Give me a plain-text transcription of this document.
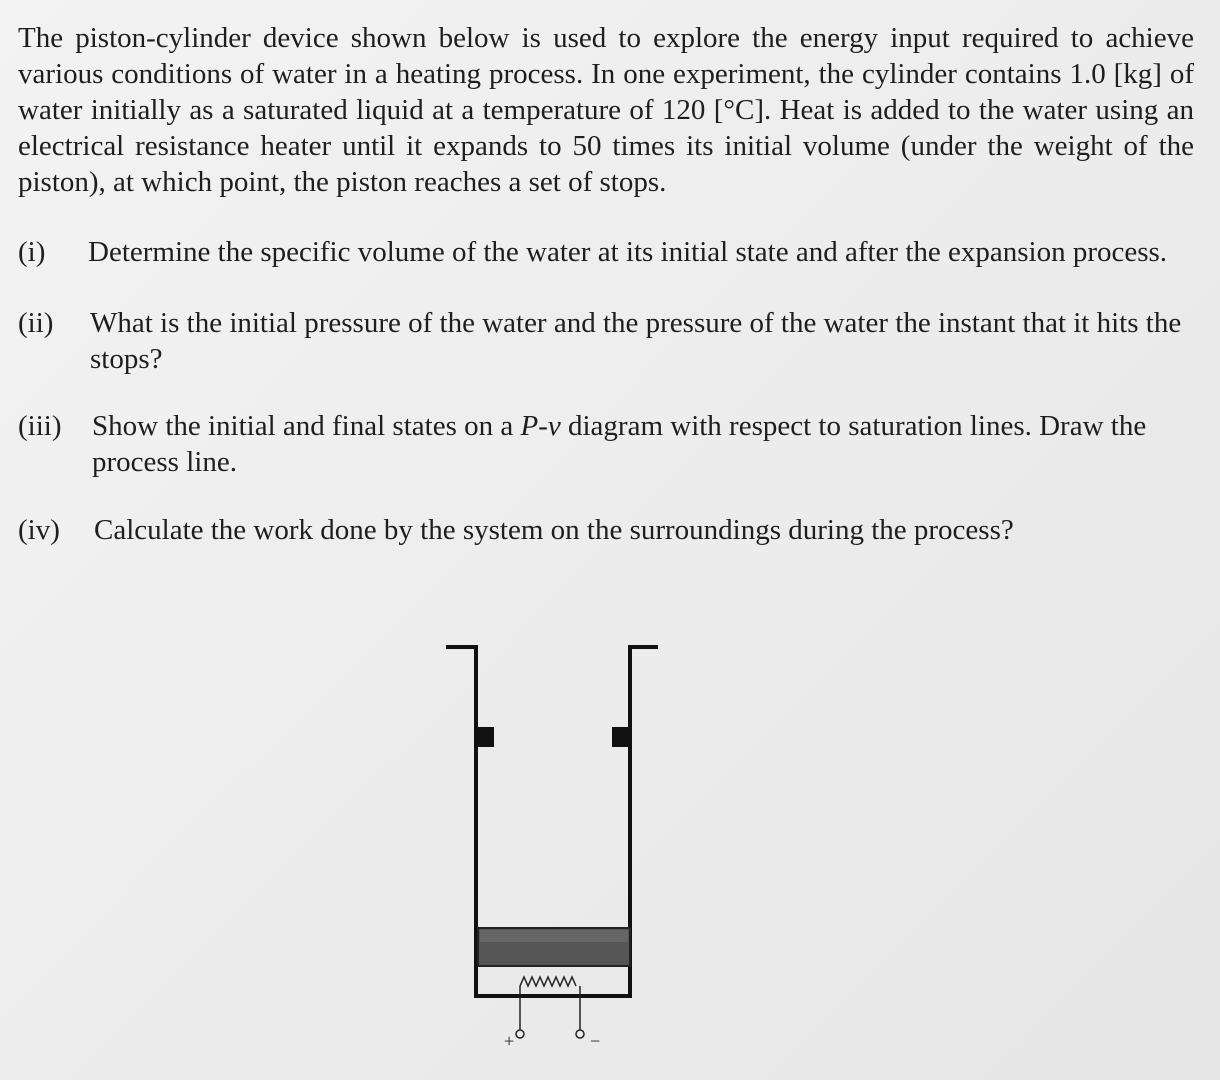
The piston-cylinder device shown below is used to explore the energy input required to achieve various conditions of water in a heating process. In one experiment, the cylinder contains 1.0 [kg] of water initially as a saturated liquid at a temperature of 120 [°C]. Heat is added to the water using an electrical resistance heater until it expands to 50 times its initial volume (under the weight of the piston), at which point, the piston reaches a set of stops.

(i) Determine the specific volume of the water at its initial state and after the expansion process.
(ii) What is the initial pressure of the water and the pressure of the water the instant that it hits the stops?
(iii) Show the initial and final states on a P-v diagram with respect to saturation lines. Draw the process line.
(iv) Calculate the work done by the system on the surroundings during the process?
+	−
